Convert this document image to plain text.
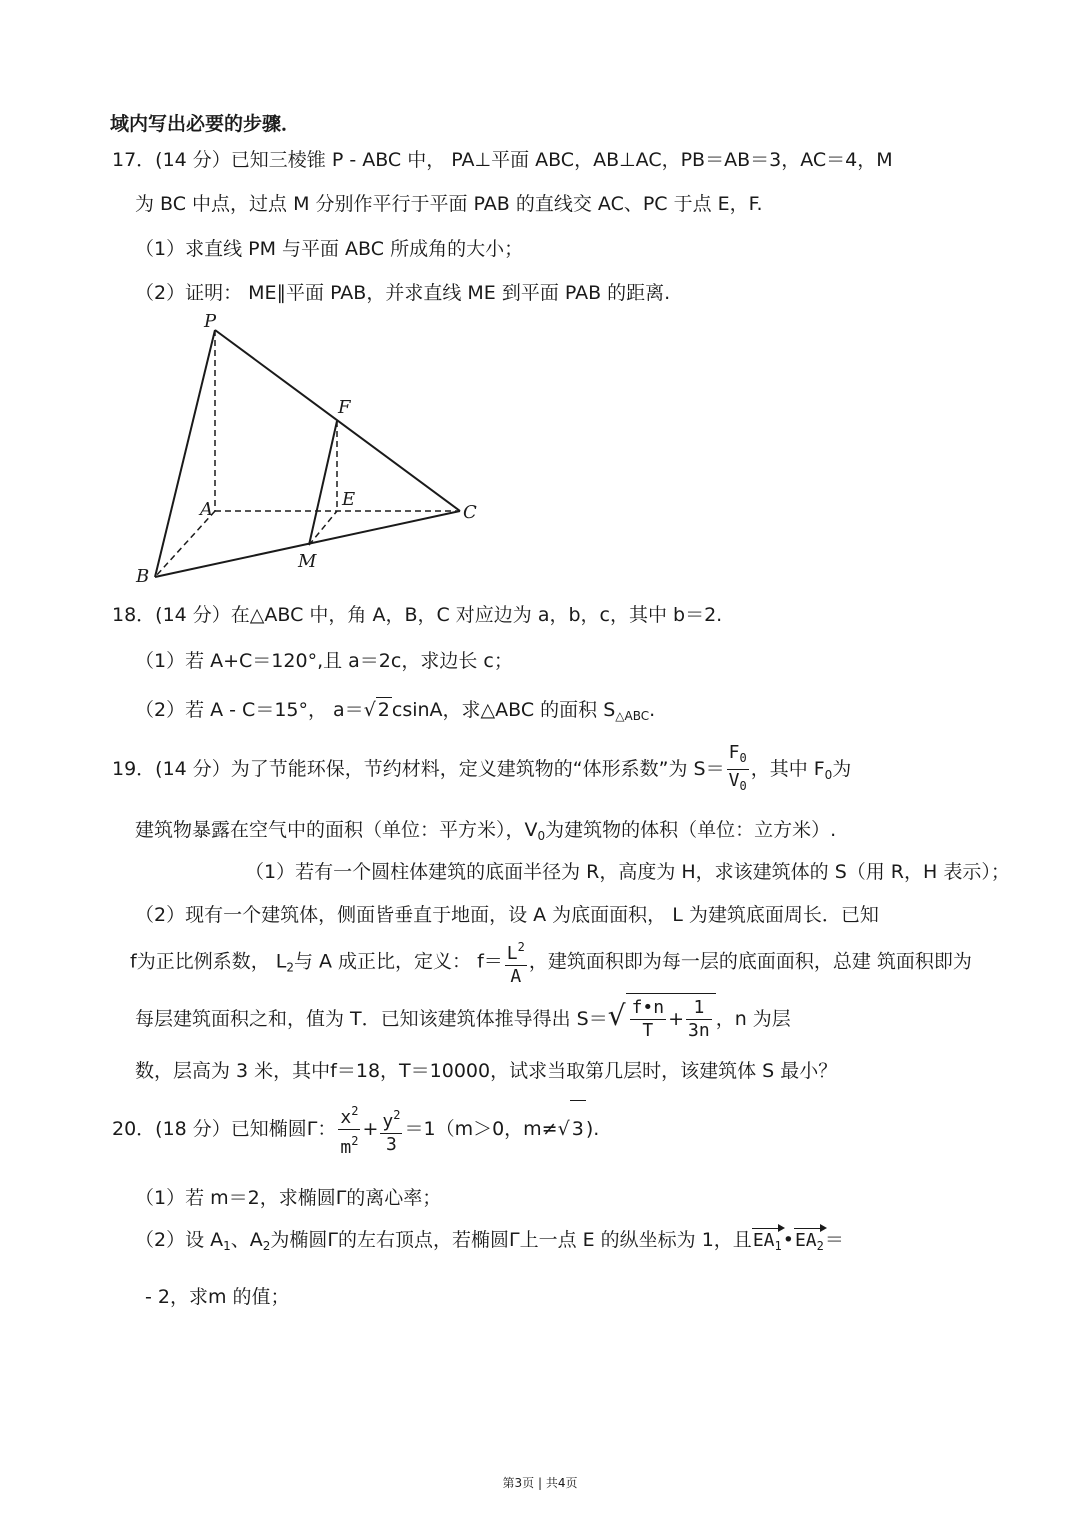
域内写出必要的步骤．
17．(14 分）已知三棱锥 P - ABC 中， PA⊥平面 ABC，AB⊥AC，PB＝AB＝3，AC＝4，M
为 BC 中点，过点 M 分别作平行于平面 PAB 的直线交 AC、PC 于点 E，F.
（1）求直线 PM 与平面 ABC 所成角的大小；
（2）证明： ME∥平面 PAB，并求直线 ME 到平面 PAB 的距离.
P
F
E
A	C
M
B
18．(14 分）在△ABC 中，角 A，B，C 对应边为 a，b，c，其中 b＝2.
（1）若 A+C＝120°,且 a＝2c，求边长 c；
（2）若 A - C＝15°， a＝√ 2 csinA，求△ABC 的面积 $S_{\triangle ABC}$.
19．(14 分）为了节能环保，节约材料，定义建筑物的“体形系数”为 $S= \frac{F_0}{V_0}$ ，其中 $F_0$为
建筑物暴露在空气中的面积（单位：平方米），$V_0$为建筑物的体积（单位：立方米）.
（1）若有一个圆柱体建筑的底面半径为 R，高度为 H，求该建筑体的 S（用 R，H 表示）；
（2）现有一个建筑体，侧面皆垂直于地面，设 A 为底面面积， L 为建筑底面周长．已知
f为正比例系数， $L_2$与 A 成正比，定义： $f= \frac{L^2}{A}$ ，建筑面积即为每一层的底面面积，总建 筑面积即为
每层建筑面积之和，值为 T．已知该建筑体推导得出 $S=√ \frac{f•n}{T} + \frac{1}{3n}$ ，n 为层
数，层高为 3 米，其中f＝18，T＝10000，试求当取第几层时，该建筑体 S 最小？
20．(18 分）已知椭圆Γ： $\frac{x^2}{m^2} + \frac{y^2}{3} =1(m>0$，m≠√ 3 ).
（1）若 m＝2，求椭圆Γ的离心率；
（2）设 $A_1$、$A_2$为椭圆Γ的左右顶点，若椭圆Γ上一点 E 的纵坐标为 1，且$EA_1•EA_2=$
- 2，求m 的值；
第3页 | 共4页
